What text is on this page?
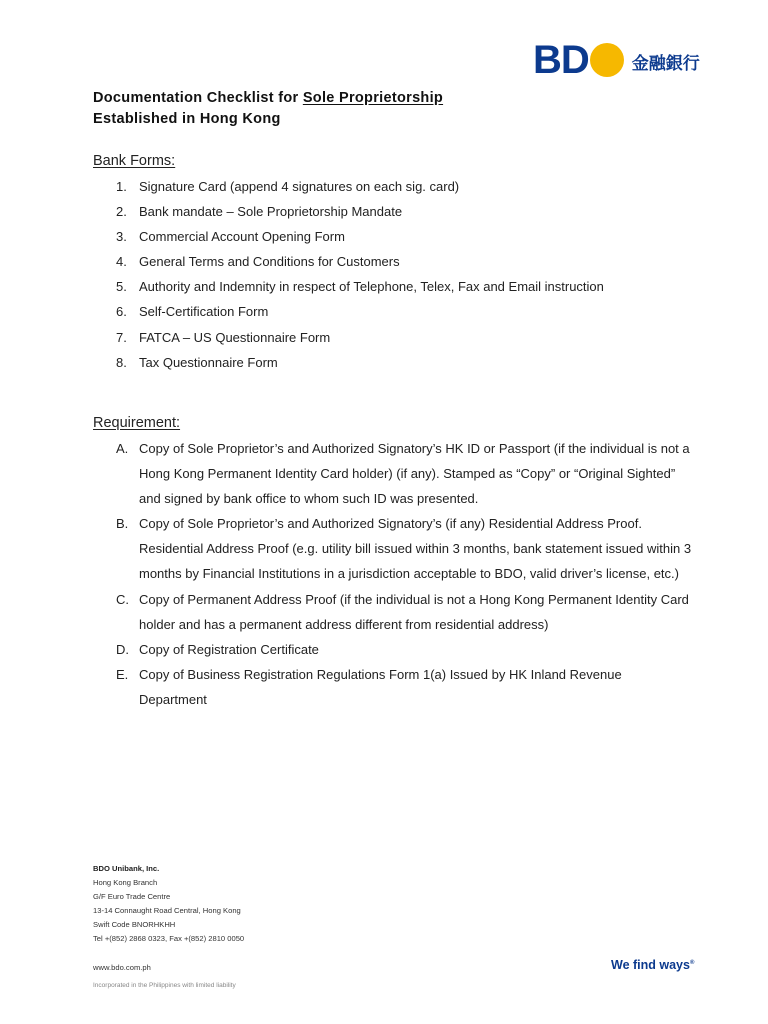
BD	金融銀行
Documentation Checklist for Sole Proprietorship
Established in Hong Kong
Bank Forms:
1. Signature Card (append 4 signatures on each sig. card)
2. Bank mandate – Sole Proprietorship Mandate
3. Commercial Account Opening Form
4. General Terms and Conditions for Customers
5. Authority and Indemnity in respect of Telephone, Telex, Fax and Email instruction
6. Self-Certification Form
7. FATCA – US Questionnaire Form
8. Tax Questionnaire Form
Requirement:
A. Copy of Sole Proprietor’s and Authorized Signatory’s HK ID or Passport (if the individual is not a Hong Kong Permanent Identity Card holder) (if any). Stamped as “Copy” or “Original Sighted” and signed by bank office to whom such ID was presented.
B. Copy of Sole Proprietor’s and Authorized Signatory’s (if any) Residential Address Proof. Residential Address Proof (e.g. utility bill issued within 3 months, bank statement issued within 3 months by Financial Institutions in a jurisdiction acceptable to BDO, valid driver’s license, etc.)
C. Copy of Permanent Address Proof (if the individual is not a Hong Kong Permanent Identity Card holder and has a permanent address different from residential address)
D. Copy of Registration Certificate
E. Copy of Business Registration Regulations Form 1(a) Issued by HK Inland Revenue Department
BDO Unibank, Inc.
Hong Kong Branch
G/F Euro Trade Centre
13-14 Connaught Road Central, Hong Kong
Swift Code BNORHKHH
Tel +(852) 2868 0323, Fax +(852) 2810 0050
www.bdo.com.ph
Incorporated in the Philippines with limited liability
We find ways®
